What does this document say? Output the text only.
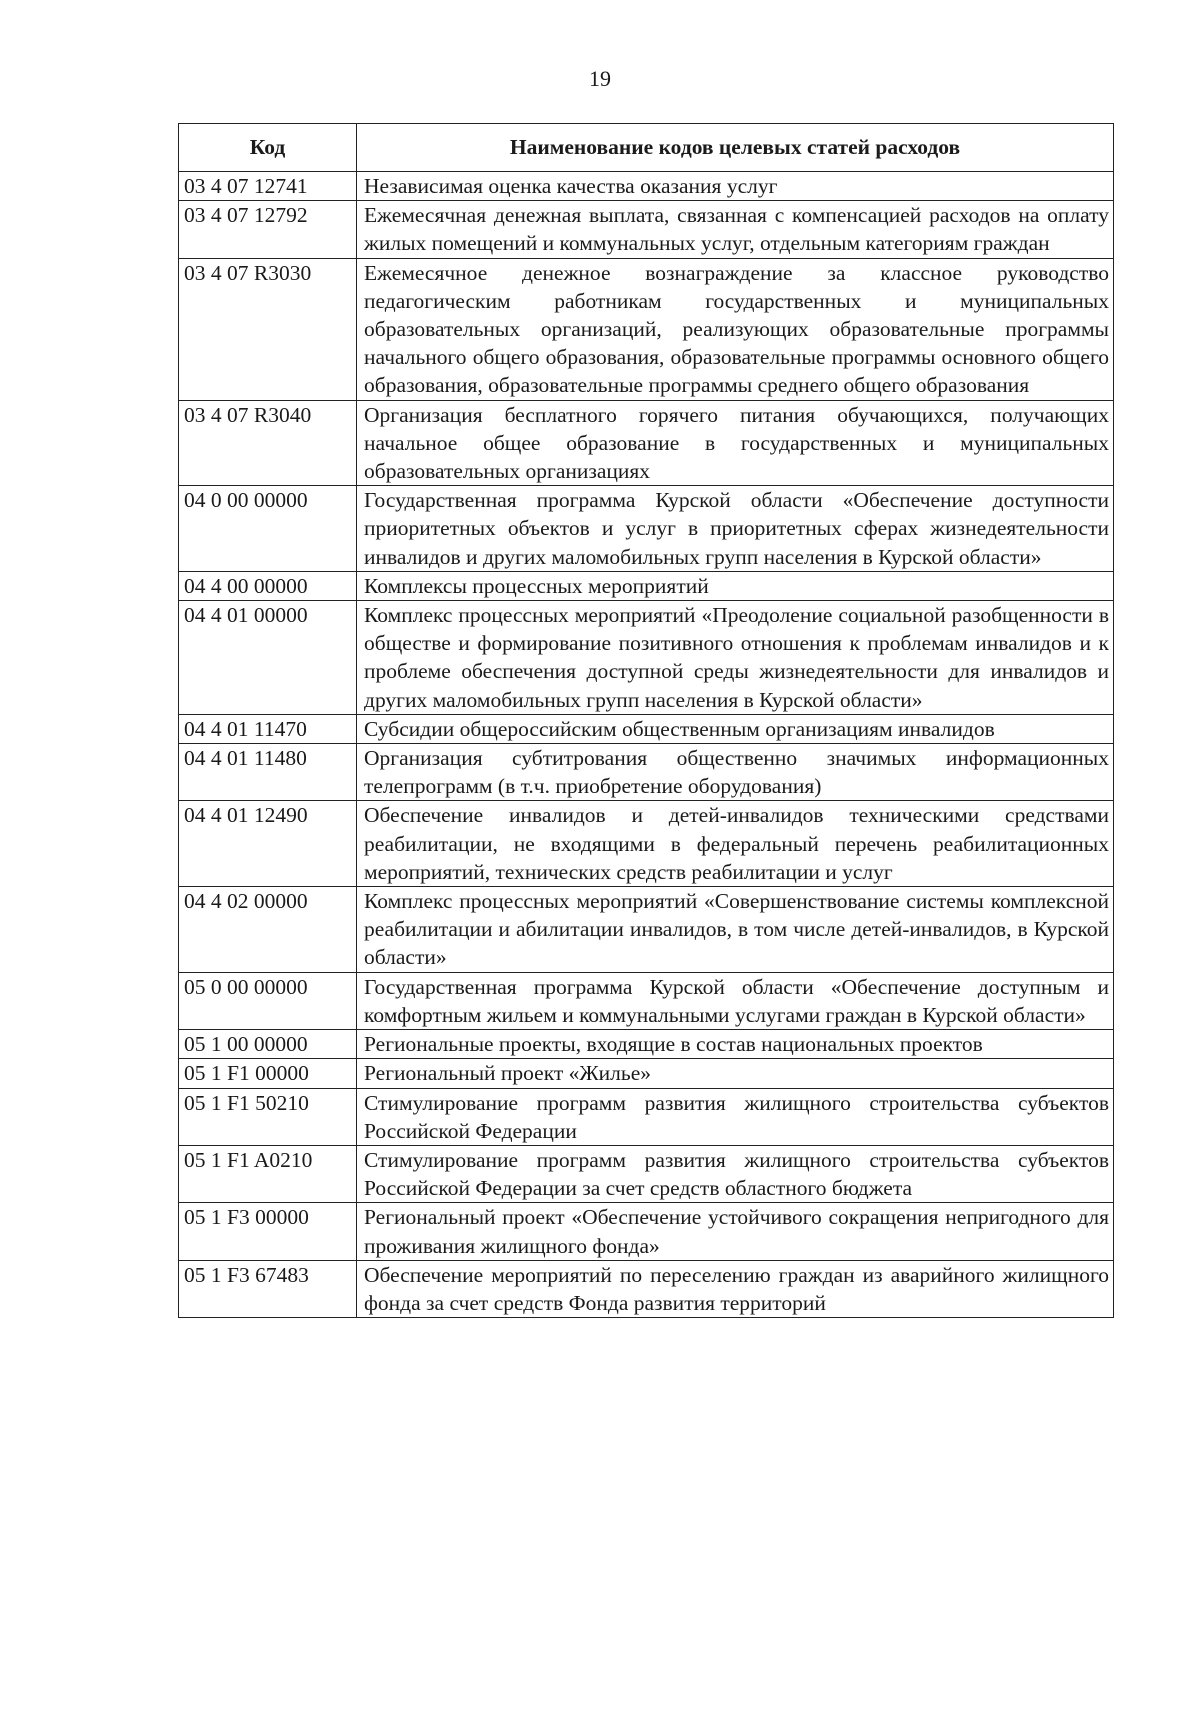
19
Код	Наименование кодов целевых статей расходов
03 4 07 12741	Независимая оценка качества оказания услуг
03 4 07 12792	Ежемесячная денежная выплата, связанная с компенсацией расходов на оплату жилых помещений и коммунальных услуг, отдельным категориям граждан
03 4 07 R3030	Ежемесячное денежное вознаграждение за классное руководство педагогическим работникам государственных и муниципальных образовательных организаций, реализующих образовательные программы начального общего образования, образовательные программы основного общего образования, образовательные программы среднего общего образования
03 4 07 R3040	Организация бесплатного горячего питания обучающихся, получающих начальное общее образование в государственных и муниципальных образовательных организациях
04 0 00 00000	Государственная программа Курской области «Обеспечение доступности приоритетных объектов и услуг в приоритетных сферах жизнедеятельности инвалидов и других маломобильных групп населения в Курской области»
04 4 00 00000	Комплексы процессных мероприятий
04 4 01 00000	Комплекс процессных мероприятий «Преодоление социальной разобщенности в обществе и формирование позитивного отношения к проблемам инвалидов и к проблеме обеспечения доступной среды жизнедеятельности для инвалидов и других маломобильных групп населения в Курской области»
04 4 01 11470	Субсидии общероссийским общественным организациям инвалидов
04 4 01 11480	Организация субтитрования общественно значимых информационных телепрограмм (в т.ч. приобретение оборудования)
04 4 01 12490	Обеспечение инвалидов и детей-инвалидов техническими средствами реабилитации, не входящими в федеральный перечень реабилитационных мероприятий, технических средств реабилитации и услуг
04 4 02 00000	Комплекс процессных мероприятий «Совершенствование системы комплексной реабилитации и абилитации инвалидов, в том числе детей-инвалидов, в Курской области»
05 0 00 00000	Государственная программа Курской области «Обеспечение доступным и комфортным жильем и коммунальными услугами граждан в Курской области»
05 1 00 00000	Региональные проекты, входящие в состав национальных проектов
05 1 F1 00000	Региональный проект «Жилье»
05 1 F1 50210	Стимулирование программ развития жилищного строительства субъектов Российской Федерации
05 1 F1 A0210	Стимулирование программ развития жилищного строительства субъектов Российской Федерации за счет средств областного бюджета
05 1 F3 00000	Региональный проект «Обеспечение устойчивого сокращения непригодного для проживания жилищного фонда»
05 1 F3 67483	Обеспечение мероприятий по переселению граждан из аварийного жилищного фонда за счет средств Фонда развития территорий
